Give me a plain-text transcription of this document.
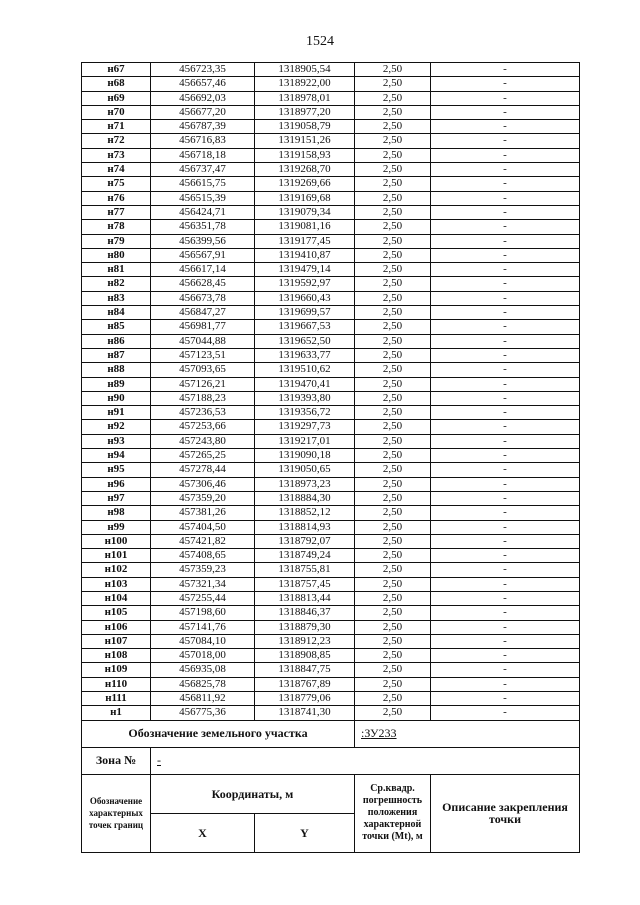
1524
н67	456723,35	1318905,54	2,50	-
н68	456657,46	1318922,00	2,50	-
н69	456692,03	1318978,01	2,50	-
н70	456677,20	1318977,20	2,50	-
н71	456787,39	1319058,79	2,50	-
н72	456716,83	1319151,26	2,50	-
н73	456718,18	1319158,93	2,50	-
н74	456737,47	1319268,70	2,50	-
н75	456615,75	1319269,66	2,50	-
н76	456515,39	1319169,68	2,50	-
н77	456424,71	1319079,34	2,50	-
н78	456351,78	1319081,16	2,50	-
н79	456399,56	1319177,45	2,50	-
н80	456567,91	1319410,87	2,50	-
н81	456617,14	1319479,14	2,50	-
н82	456628,45	1319592,97	2,50	-
н83	456673,78	1319660,43	2,50	-
н84	456847,27	1319699,57	2,50	-
н85	456981,77	1319667,53	2,50	-
н86	457044,88	1319652,50	2,50	-
н87	457123,51	1319633,77	2,50	-
н88	457093,65	1319510,62	2,50	-
н89	457126,21	1319470,41	2,50	-
н90	457188,23	1319393,80	2,50	-
н91	457236,53	1319356,72	2,50	-
н92	457253,66	1319297,73	2,50	-
н93	457243,80	1319217,01	2,50	-
н94	457265,25	1319090,18	2,50	-
н95	457278,44	1319050,65	2,50	-
н96	457306,46	1318973,23	2,50	-
н97	457359,20	1318884,30	2,50	-
н98	457381,26	1318852,12	2,50	-
н99	457404,50	1318814,93	2,50	-
н100	457421,82	1318792,07	2,50	-
н101	457408,65	1318749,24	2,50	-
н102	457359,23	1318755,81	2,50	-
н103	457321,34	1318757,45	2,50	-
н104	457255,44	1318813,44	2,50	-
н105	457198,60	1318846,37	2,50	-
н106	457141,76	1318879,30	2,50	-
н107	457084,10	1318912,23	2,50	-
н108	457018,00	1318908,85	2,50	-
н109	456935,08	1318847,75	2,50	-
н110	456825,78	1318767,89	2,50	-
н111	456811,92	1318779,06	2,50	-
н1	456775,36	1318741,30	2,50	-
Обозначение земельного участка			:ЗУ233	
Зона №	-			
Обозначение характерных точек границ	Координаты, м		Ср.квадр. погрешность положения характерной точки (Mt), м	Описание закрепления точки
	X	Y		
